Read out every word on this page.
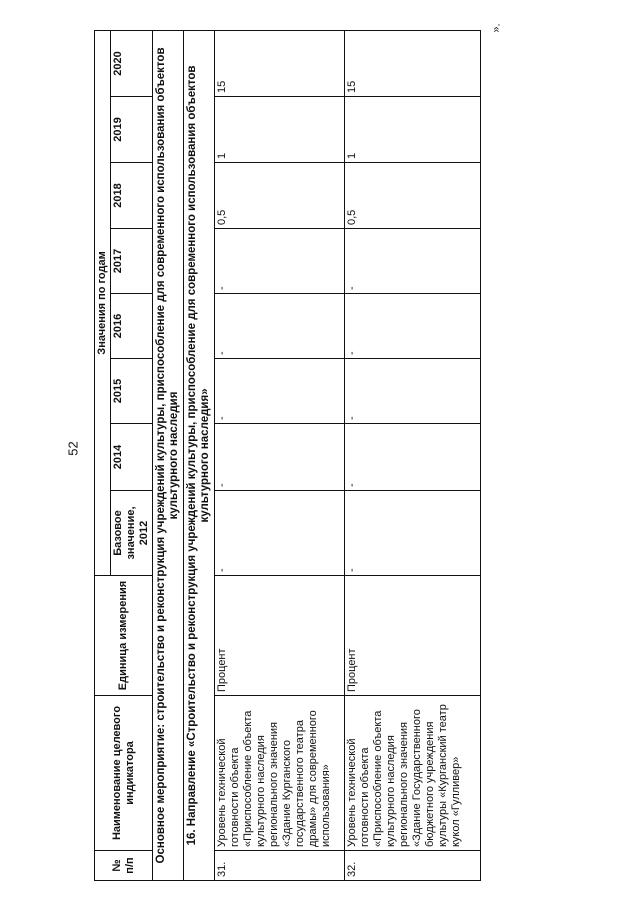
52
».
№ п/п	Наименование целевого индикатора	Единица измерения	Значения по годам							
			Базовое значение, 2012	2014	2015	2016	2017	2018	2019	2020
Основное мероприятие: строительство и реконструкция учреждений культуры, приспособление для современного использования объектов культурного наследия										
16. Направление «Строительство и реконструкция учреждений культуры, приспособление для современного использования объектов культурного наследия»										
31.	Уровень технической готовности объекта «Приспособление объекта культурного наследия регионального значения «Здание Курганского государственного театра драмы» для современного использования»	Процент	-	-	-	-	-	0,5	1	15
32.	Уровень технической готовности объекта «Приспособление объекта культурного наследия регионального значения «Здание Государственного бюджетного учреждения культуры «Курганский театр кукол «Гулливер»	Процент	-	-	-	-	-	0,5	1	15
